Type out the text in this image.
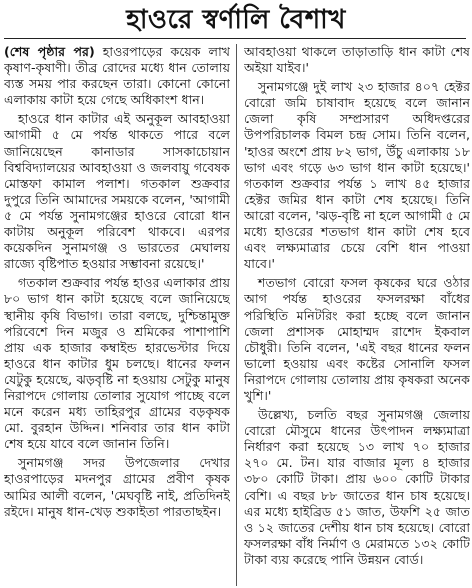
হাওরে স্বর্ণালি বৈশাখ

(শেষ পৃষ্ঠার পর) হাওরপাড়ের কয়েক লাখ কৃষাণ-কৃষাণী। তীব্র রোদের মধ্যে ধান তোলায় ব্যস্ত সময় পার করছেন তারা। কোনো কোনো এলাকায় কাটা হয়ে গেছে অধিকাংশ ধান।

হাওরে ধান কাটার এই অনুকূল আবহাওয়া আগামী ৫ মে পর্যন্ত থাকতে পারে বলে জানিয়েছেন কানাডার সাসকাচোয়ান বিশ্ববিদ্যালয়ের আবহাওয়া ও জলবায়ু গবেষক মোস্তফা কামাল পলাশ। গতকাল শুক্রবার দুপুরে তিনি আমাদের সময়কে বলেন, 'আগামী ৫ মে পর্যন্ত সুনামগঞ্জের হাওরে বোরো ধান কাটায় অনুকূল পরিবেশ থাকবে। এরপর কয়েকদিন সুনামগঞ্জ ও ভারতের মেঘালয় রাজ্যে বৃষ্টিপাত হওয়ার সম্ভাবনা রয়েছে।'

গতকাল শুক্রবার পর্যন্ত হাওর এলাকার প্রায় ৮০ ভাগ ধান কাটা হয়েছে বলে জানিয়েছে স্থানীয় কৃষি বিভাগ। তারা বলছে, দুশ্চিন্তামুক্ত পরিবেশে দিন মজুর ও শ্রমিকের পাশাপাশি প্রায় এক হাজার কম্বাইন্ড হারভেস্টার দিয়ে হাওরে ধান কাটার ধুম চলছে। ধানের ফলন যেটুকু হয়েছে, ঝড়বৃষ্টি না হওয়ায় সেটুকু মানুষ নিরাপদে গোলায় তোলার সুযোগ পাচ্ছে বলে মনে করেন মধ্য তাহিরপুর গ্রামের বড়কৃষক মো. বুরহান উদ্দিন। শনিবার তার ধান কাটা শেষ হয়ে যাবে বলে জানান তিনি।

সুনামগঞ্জ সদর উপজেলার দেখার হাওরপাড়ের মদনপুর গ্রামের প্রবীণ কৃষক আমির আলী বলেন, 'মেঘবৃষ্টি নাই, প্রতিদিনই রইদে। মানুষ ধান-খেড় শুকাইতা পারতাছইন।

আবহাওয়া থাকলে তাড়াতাড়ি ধান কাটা শেষ অইয়া যাইব।'

সুনামগঞ্জে দুই লাখ ২৩ হাজার ৪০৭ হেক্টর বোরো জমি চাষাবাদ হয়েছে বলে জানান জেলা কৃষি সম্প্রসারণ অধিদপ্তরের উপপরিচালক বিমল চন্দ্র সোম। তিনি বলেন, 'হাওর অংশে প্রায় ৮২ ভাগ, উঁচু এলাকায় ১৮ ভাগ এবং গড়ে ৬৩ ভাগ ধান কাটা হয়েছে।' গতকাল শুক্রবার পর্যন্ত ১ লাখ ৪৫ হাজার হেক্টর জমির ধান কাটা শেষ হয়েছে। তিনি আরো বলেন, 'ঝড়-বৃষ্টি না হলে আগামী ৫ মে মধ্যে হাওরের শতভাগ ধান কাটা শেষ হবে এবং লক্ষ্যমাত্রার চেয়ে বেশি ধান পাওয়া যাবে।'

শতভাগ বোরো ফসল কৃষকের ঘরে ওঠার আগ পর্যন্ত হাওরের ফসলরক্ষা বাঁধের পরিস্থিতি মনিটরিং করা হচ্ছে বলে জানান জেলা প্রশাসক মোহাম্মদ রাশেদ ইকবাল চৌধুরী। তিনি বলেন, 'এই বছর ধানের ফলন ভালো হওয়ায় এবং কষ্টের সোনালি ফসল নিরাপদে গোলায় তোলায় প্রায় কৃষকরা অনেক খুশি।'

উল্লেখ্য, চলতি বছর সুনামগঞ্জ জেলায় বোরো মৌসুমে ধানের উৎপাদন লক্ষ্যমাত্রা নির্ধারণ করা হয়েছে ১৩ লাখ ৭০ হাজার ২৭০ মে. টন। যার বাজার মূল্য ৪ হাজার ৩৮০ কোটি টাকা। প্রায় ৬০০ কোটি টাকার বেশি। এ বছর ৮৮ জাতের ধান চাষ হয়েছে। এর মধ্যে হাইব্রিড ৫১ জাত, উফশি ২৫ জাত ও ১২ জাতের দেশীয় ধান চাষ হয়েছে। বোরো ফসলরক্ষা বাঁধ নির্মাণ ও মেরামতে ১৩২ কোটি টাকা ব্যয় করেছে পানি উন্নয়ন বোর্ড।
